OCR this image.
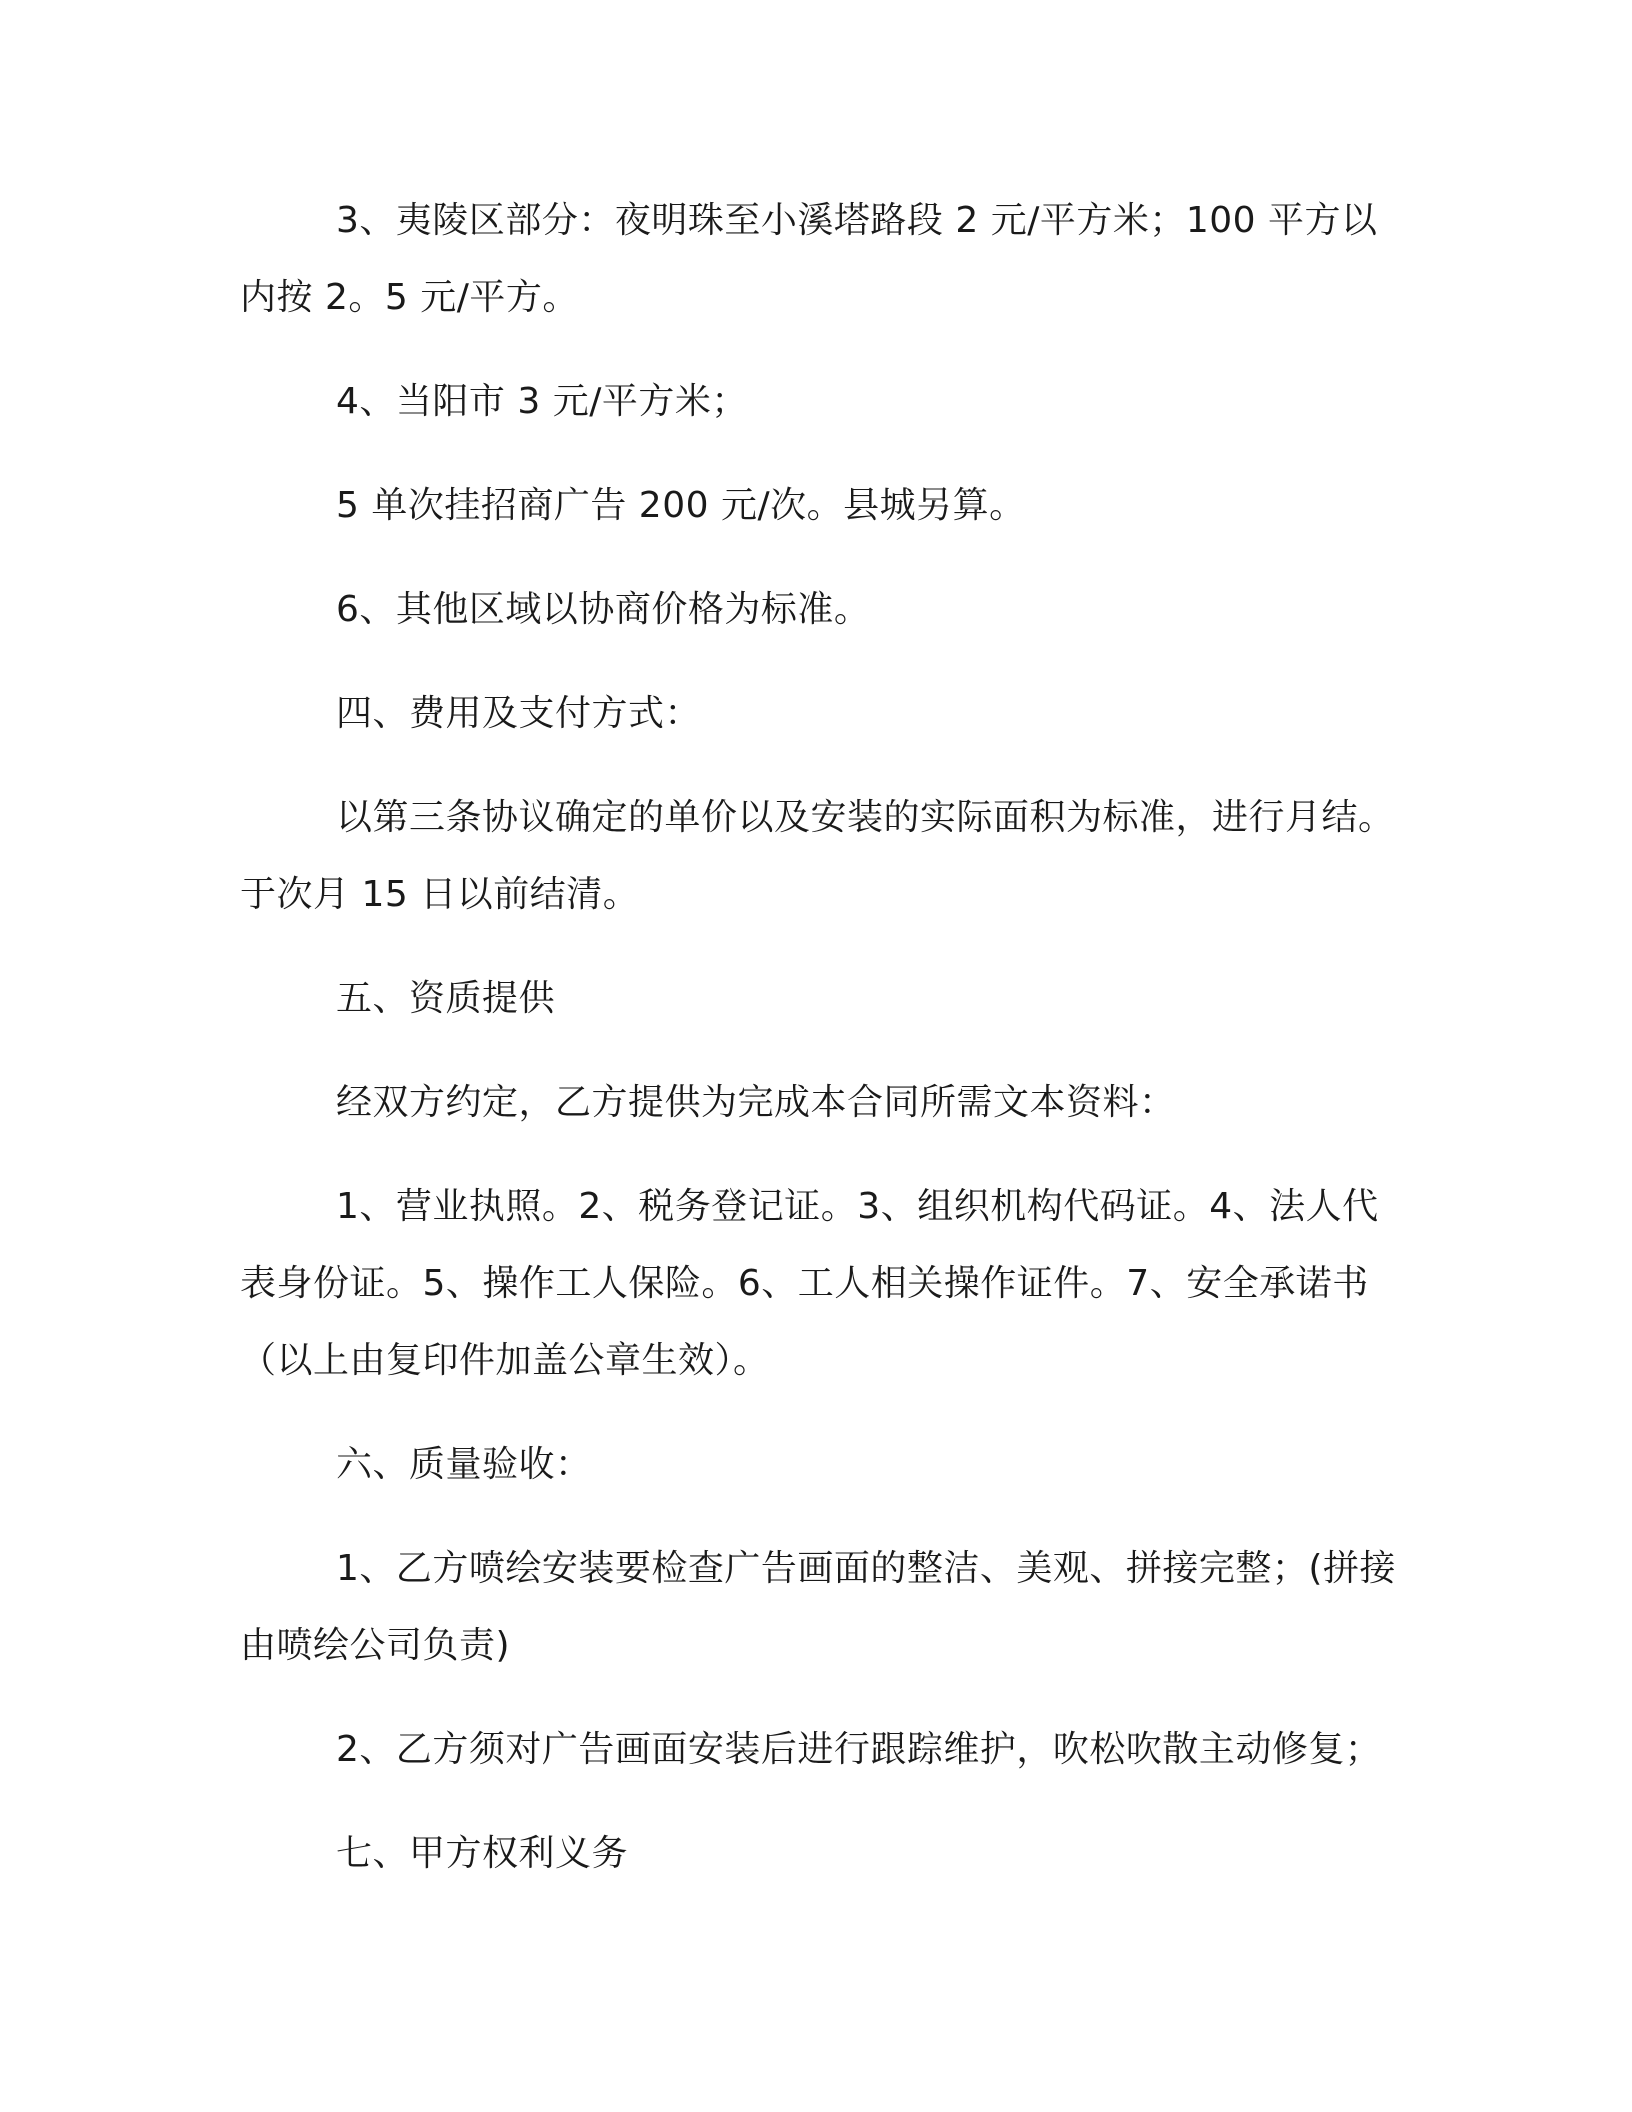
3、夷陵区部分：夜明珠至小溪塔路段 2 元/平方米；100 平方以内按 2。5 元/平方。

4、当阳市 3 元/平方米；

5 单次挂招商广告 200 元/次。县城另算。

6、其他区域以协商价格为标准。

四、费用及支付方式：

以第三条协议确定的单价以及安装的实际面积为标准，进行月结。于次月 15 日以前结清。

五、资质提供

经双方约定，乙方提供为完成本合同所需文本资料：

1、营业执照。2、税务登记证。3、组织机构代码证。4、法人代表身份证。5、操作工人保险。6、工人相关操作证件。7、安全承诺书（以上由复印件加盖公章生效）。

六、质量验收：

1、乙方喷绘安装要检查广告画面的整洁、美观、拼接完整；(拼接由喷绘公司负责)

2、乙方须对广告画面安装后进行跟踪维护，吹松吹散主动修复；

七、甲方权利义务
